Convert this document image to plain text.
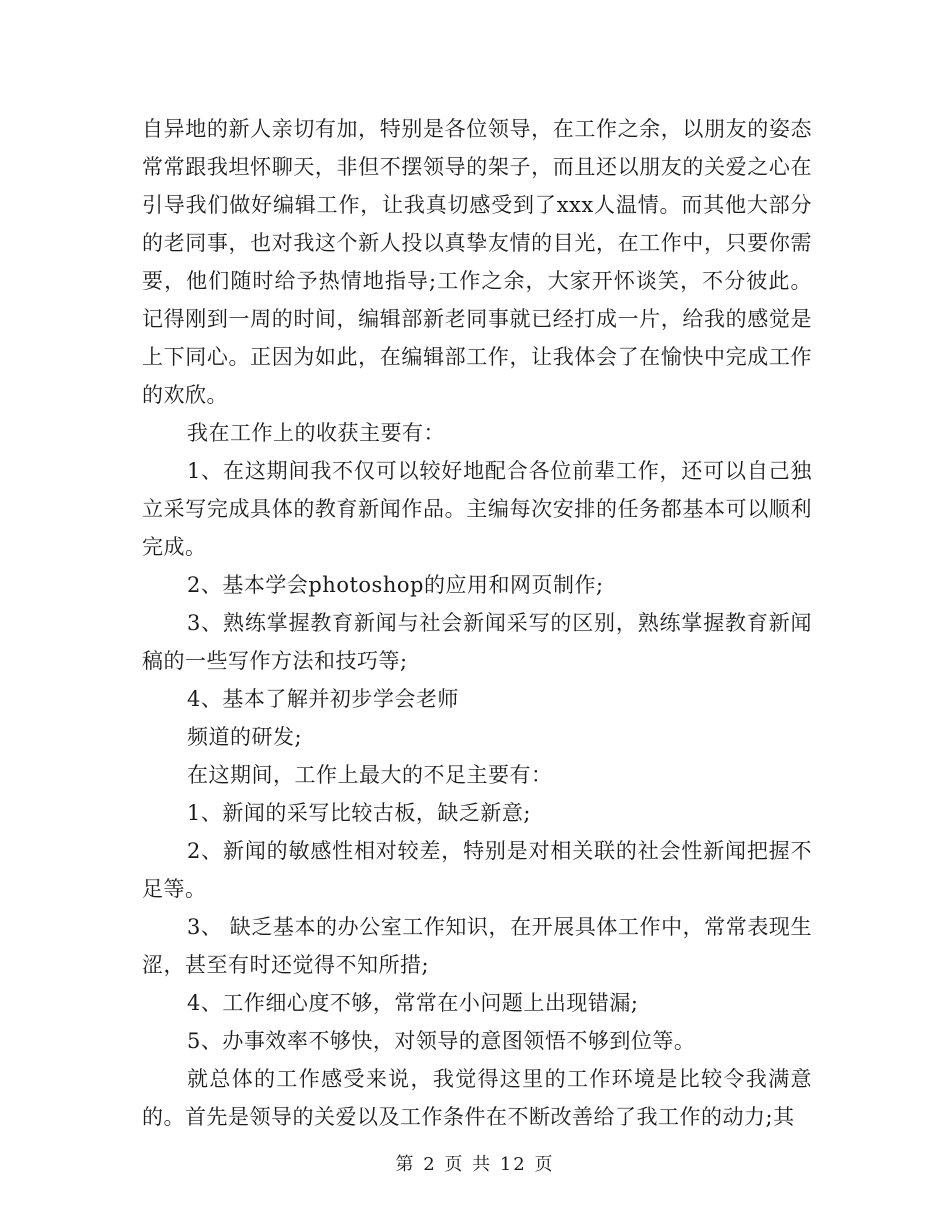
自异地的新人亲切有加，特别是各位领导，在工作之余，以朋友的姿态常常跟我坦怀聊天，非但不摆领导的架子，而且还以朋友的关爱之心在引导我们做好编辑工作，让我真切感受到了xxx人温情。而其他大部分的老同事，也对我这个新人投以真挚友情的目光，在工作中，只要你需要，他们随时给予热情地指导;工作之余，大家开怀谈笑，不分彼此。记得刚到一周的时间，编辑部新老同事就已经打成一片，给我的感觉是上下同心。正因为如此，在编辑部工作，让我体会了在愉快中完成工作的欢欣。

我在工作上的收获主要有：

1、在这期间我不仅可以较好地配合各位前辈工作，还可以自己独立采写完成具体的教育新闻作品。主编每次安排的任务都基本可以顺利完成。

2、基本学会photoshop的应用和网页制作;

3、熟练掌握教育新闻与社会新闻采写的区别，熟练掌握教育新闻稿的一些写作方法和技巧等;

4、基本了解并初步学会老师

频道的研发;

在这期间，工作上最大的不足主要有：

1、新闻的采写比较古板，缺乏新意;

2、新闻的敏感性相对较差，特别是对相关联的社会性新闻把握不足等。

3、 缺乏基本的办公室工作知识，在开展具体工作中，常常表现生涩，甚至有时还觉得不知所措;

4、工作细心度不够，常常在小问题上出现错漏;

5、办事效率不够快，对领导的意图领悟不够到位等。

就总体的工作感受来说，我觉得这里的工作环境是比较令我满意的。首先是领导的关爱以及工作条件在不断改善给了我工作的动力;其

第 2 页 共 12 页
